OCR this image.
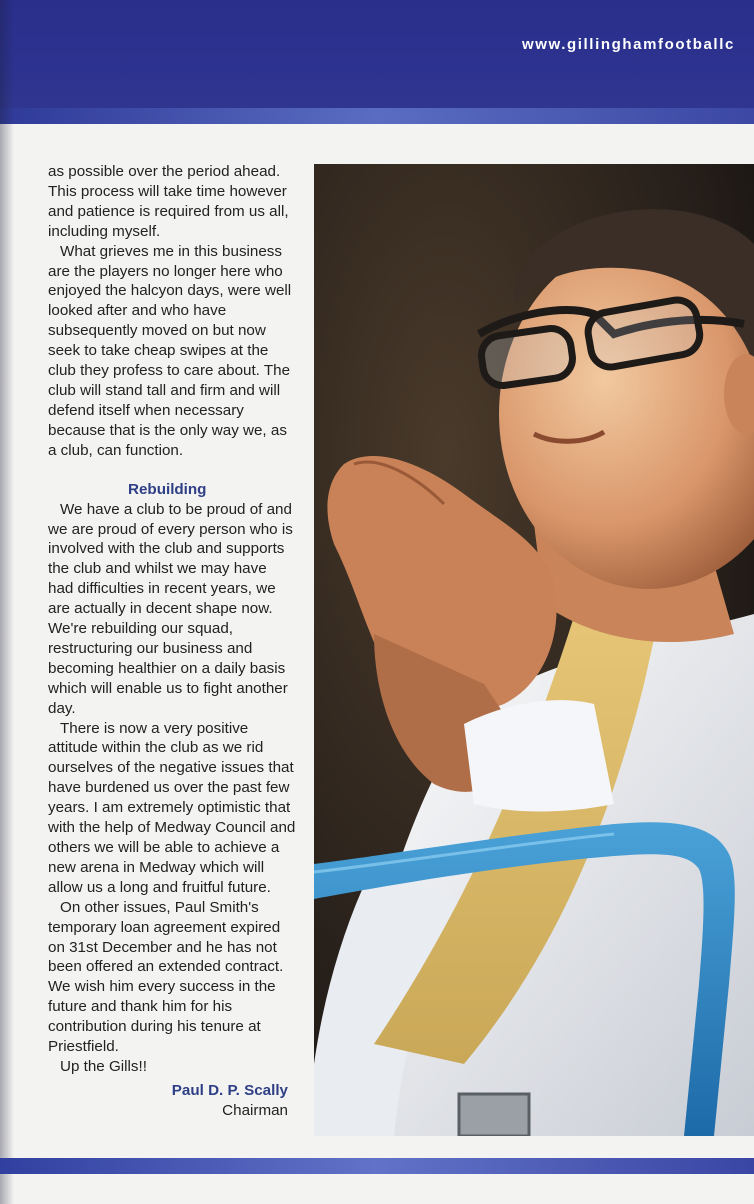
www.gillinghamfootballc

as possible over the period ahead. This process will take time however and patience is required from us all, including myself.

What grieves me in this business are the players no longer here who enjoyed the halcyon days, were well looked after and who have subsequently moved on but now seek to take cheap swipes at the club they profess to care about. The club will stand tall and firm and will defend itself when necessary because that is the only way we, as a club, can function.

Rebuilding

We have a club to be proud of and we are proud of every person who is involved with the club and supports the club and whilst we may have had difficulties in recent years, we are actually in decent shape now. We're rebuilding our squad, restructuring our business and becoming healthier on a daily basis which will enable us to fight another day.

There is now a very positive attitude within the club as we rid ourselves of the negative issues that have burdened us over the past few years. I am extremely optimistic that with the help of Medway Council and others we will be able to achieve a new arena in Medway which will allow us a long and fruitful future.

On other issues, Paul Smith's temporary loan agreement expired on 31st December and he has not been offered an extended contract. We wish him every success in the future and thank him for his contribution during his tenure at Priestfield.

Up the Gills!!

Paul D. P. Scally
Chairman
